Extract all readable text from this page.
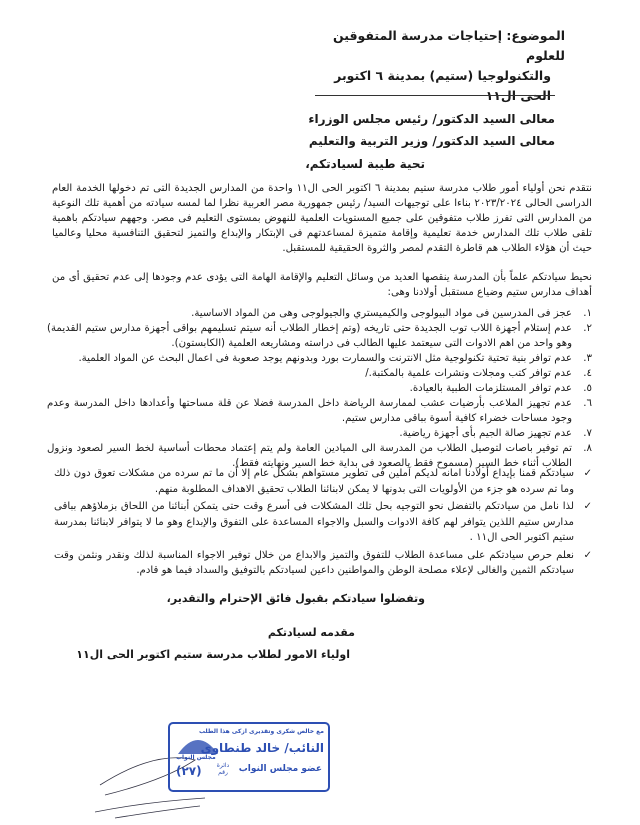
الموضوع: إحتياجات مدرسة المتفوقين للعلوم
والتكنولوجيا (ستيم) بمدينة ٦ اكتوبر
الحى ال١١
معالى السيد الدكتور/ رئيس مجلس الوزراء
معالى السيد الدكتور/ وزير التربية والتعليم
تحية طيبة لسيادتكم،
نتقدم نحن أولياء أمور طلاب مدرسة ستيم بمدينة ٦ اكتوبر الحى ال١١ واحدة من المدارس الجديدة التى تم دخولها الخدمة العام الدراسى الحالى ٢٠٢٣/٢٠٢٤ بناءا على توجيهات السيد/ رئيس جمهورية مصر العربية نظرا لما لمسه سيادته من أهمية تلك النوعية من المدارس التى تفرز طلاب متفوقين على جميع المستويات العلمية للنهوض بمستوى التعليم فى مصر. وجههم سيادتكم باهمية تلقى طلاب تلك المدارس خدمة تعليمية وإقامة متميزة لمساعدتهم فى الإبتكار والإبداع والتميز لتحقيق التنافسية محليا وعالميا حيث أن هؤلاء الطلاب هم قاطرة التقدم لمصر والثروة الحقيقية للمستقبل.
نحيط سيادتكم علماً بأن المدرسة ينقصها العديد من وسائل التعليم والإقامة الهامة التى يؤدى عدم وجودها إلى عدم تحقيق أى من أهداف مدارس ستيم وضياع مستقبل أولادنا وهى:
١.
عجز فى المدرسين فى مواد البيولوجى والكيميستري والجيولوجى وهى من المواد الاساسية.
٢.
عدم إستلام أجهزة اللاب توب الجديدة حتى تاريخه (وتم إخطار الطلاب أنه سيتم تسليمهم بواقى أجهزة مدارس ستيم القديمة) وهو واحد من اهم الادوات التى سيعتمد عليها الطالب فى دراسته ومشاريعه العلمية (الكابستون).
٣.
عدم توافر بنية تحتية تكنولوجية مثل الانترنت والسمارت بورد وبدونهم يوجد صعوبة فى اعمال البحث عن المواد العلمية.
٤.
عدم توافر كتب ومجلات ونشرات علمية بالمكتبة./
٥.
عدم توافر المستلزمات الطبية بالعيادة.
٦.
عدم تجهيز الملاعب بأرضيات عشب لممارسة الرياضة داخل المدرسة فضلا عن قلة مساحتها وأعدادها داخل المدرسة وعدم وجود مساحات خضراء كافية أسوة بباقى مدارس ستيم.
٧.
عدم تجهيز صالة الجيم بأى أجهزة رياضية.
٨.
تم توفير باصات لتوصيل الطلاب من المدرسة الى الميادين العامة ولم يتم إعتماد محطات أساسية لخط السير لصعود ونزول الطلاب أثناء خط السير (مسموح فقط بالصعود فى بداية خط السير ونهايته فقط).
✓
سيادتكم قمنا بإيداع أولادنا امانه لديكم آملين فى تطوير مستواهم بشكل عام إلا أن ما تم سرده من مشكلات تعوق دون ذلك وما تم سرده هو جزء من الأولويات التى بدونها لا يمكن لابنائنا الطلاب تحقيق الاهداف المطلوبة منهم.
✓
لذا نامل من سيادتكم بالتفضل نحو التوجيه بحل تلك المشكلات فى أسرع وقت حتى يتمكن أبنائنا من اللحاق بزملاؤهم بباقى مدارس ستيم اللذين يتوافر لهم كافة الادوات والسبل والاجواء المساعدة على التفوق والإبداع وهو ما لا يتوافر لابنائنا بمدرسة ستيم اكتوبر الحى ال١١ .
✓
نعلم حرص سيادتكم على مساعدة الطلاب للتفوق والتميز والابداع من خلال توفير الاجواء المناسبة لذلك ونقدر ونثمن وقت سيادتكم الثمين والغالى لإعلاء مصلحة الوطن والمواطنين داعين لسيادتكم بالتوفيق والسداد فيما هو قادم.
وتفضلوا سيادتكم بقبول فائق الإحترام والتقدير،
مقدمه لسيادتكم
اولياء الامور لطلاب مدرسة ستيم اكتوبر الحى ال١١
مع خالص شكرى وتقديرى ازكى هذا الطلب
النائب/ خالد طنطاوى
مجلس النواب
عضو مجلس النواب
دائرة رقم
(٢٧)
